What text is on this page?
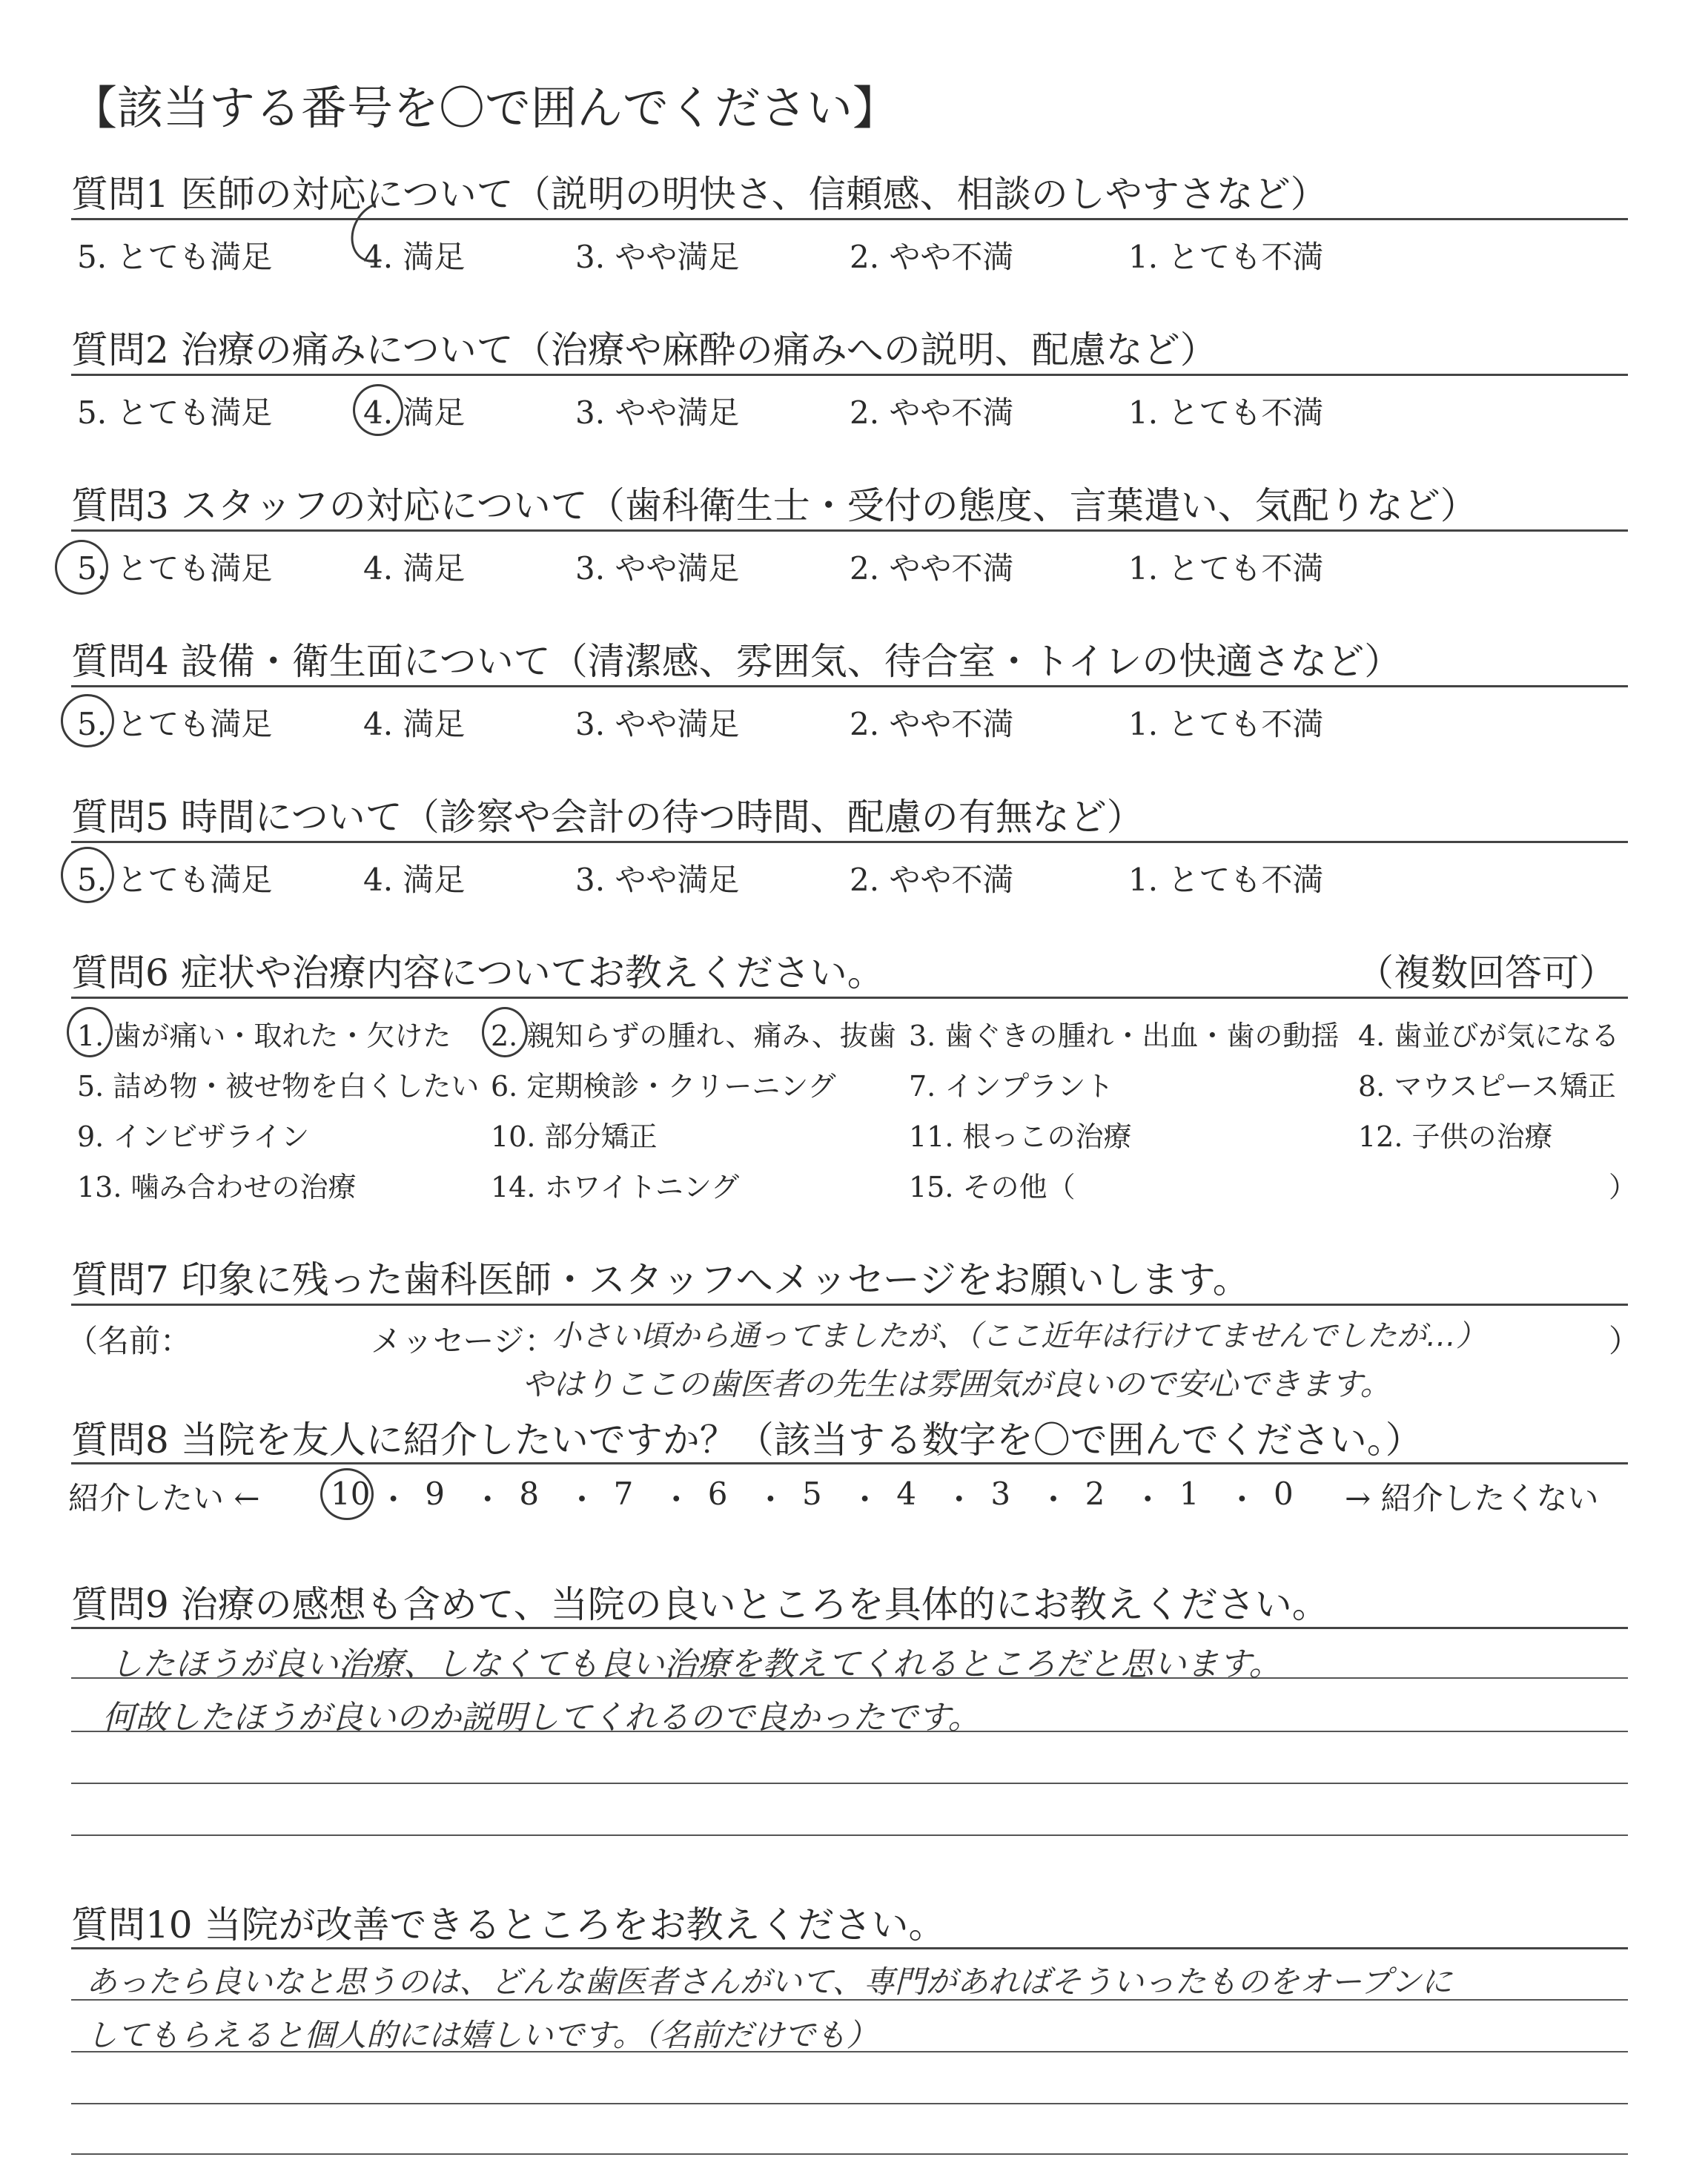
【該当する番号を〇で囲んでください】
質問1 医師の対応について（説明の明快さ、信頼感、相談のしやすさなど）
5. とても満足	4. 満足	3. やや満足	2. やや不満	1. とても不満
質問2 治療の痛みについて（治療や麻酔の痛みへの説明、配慮など）
5. とても満足	4. 満足	3. やや満足	2. やや不満	1. とても不満
質問3 スタッフの対応について（歯科衛生士・受付の態度、言葉遣い、気配りなど）
5. とても満足	4. 満足	3. やや満足	2. やや不満	1. とても不満
質問4 設備・衛生面について（清潔感、雰囲気、待合室・トイレの快適さなど）
5. とても満足	4. 満足	3. やや満足	2. やや不満	1. とても不満
質問5 時間について（診察や会計の待つ時間、配慮の有無など）
5. とても満足	4. 満足	3. やや満足	2. やや不満	1. とても不満
質問6 症状や治療内容についてお教えください。	（複数回答可）
1. 歯が痛い・取れた・欠けた 2. 親知らずの腫れ、痛み、抜歯 3. 歯ぐきの腫れ・出血・歯の動揺 4. 歯並びが気になる
5. 詰め物・被せ物を白くしたい 6. 定期検診・クリーニング	7. インプラント	8. マウスピース矯正
9. インビザライン	10. 部分矯正	11. 根っこの治療	12. 子供の治療
13. 噛み合わせの治療	14. ホワイトニング	15. その他（	）
質問7 印象に残った歯科医師・スタッフへメッセージをお願いします。
（名前：	メッセージ：	）
小さい頃から通ってましたが、（ここ近年は行けてませんでしたが…）
やはりここの歯医者の先生は雰囲気が良いので安心できます。
質問8 当院を友人に紹介したいですか？（該当する数字を〇で囲んでください。）
紹介したい ←	→ 紹介したくない
10 ・ 9 ・ 8 ・ 7 ・ 6 ・ 5 ・ 4 ・ 3 ・ 2 ・ 1 ・ 0
質問9 治療の感想も含めて、当院の良いところを具体的にお教えください。
したほうが良い治療、しなくても良い治療を教えてくれるところだと思います。
何故したほうが良いのか説明してくれるので良かったです。
質問10 当院が改善できるところをお教えください。
あったら良いなと思うのは、どんな歯医者さんがいて、専門があればそういったものをオープンに
してもらえると個人的には嬉しいです。（名前だけでも）
